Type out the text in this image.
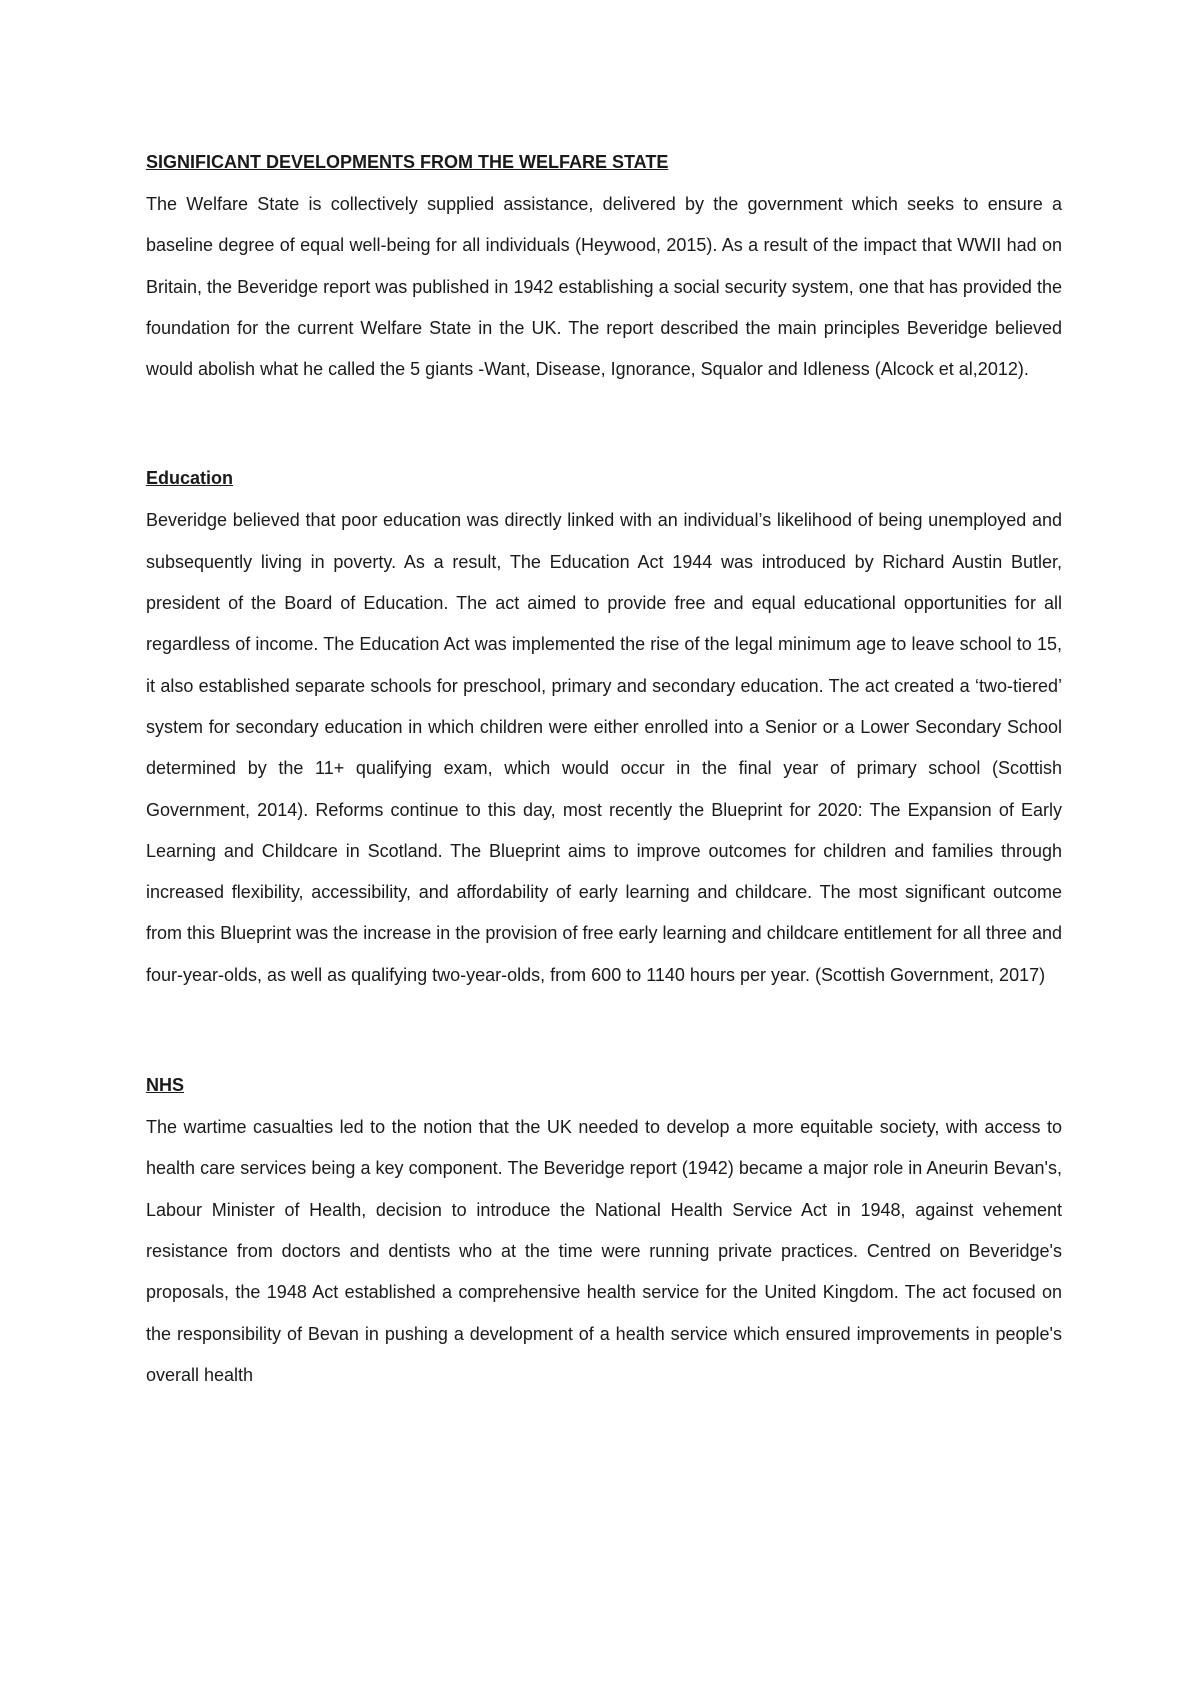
SIGNIFICANT DEVELOPMENTS FROM THE WELFARE STATE

The Welfare State is collectively supplied assistance, delivered by the government which seeks to ensure a baseline degree of equal well-being for all individuals (Heywood, 2015). As a result of the impact that WWII had on Britain, the Beveridge report was published in 1942 establishing a social security system, one that has provided the foundation for the current Welfare State in the UK. The report described the main principles Beveridge believed would abolish what he called the 5 giants -Want, Disease, Ignorance, Squalor and Idleness (Alcock et al,2012).

Education

Beveridge believed that poor education was directly linked with an individual’s likelihood of being unemployed and subsequently living in poverty. As a result, The Education Act 1944 was introduced by Richard Austin Butler, president of the Board of Education. The act aimed to provide free and equal educational opportunities for all regardless of income. The Education Act was implemented the rise of the legal minimum age to leave school to 15, it also established separate schools for preschool, primary and secondary education. The act created a ‘two-tiered’ system for secondary education in which children were either enrolled into a Senior or a Lower Secondary School determined by the 11+ qualifying exam, which would occur in the final year of primary school (Scottish Government, 2014). Reforms continue to this day, most recently the Blueprint for 2020: The Expansion of Early Learning and Childcare in Scotland. The Blueprint aims to improve outcomes for children and families through increased flexibility, accessibility, and affordability of early learning and childcare. The most significant outcome from this Blueprint was the increase in the provision of free early learning and childcare entitlement for all three and four-year-olds, as well as qualifying two-year-olds, from 600 to 1140 hours per year. (Scottish Government, 2017)

NHS

The wartime casualties led to the notion that the UK needed to develop a more equitable society, with access to health care services being a key component. The Beveridge report (1942) became a major role in Aneurin Bevan's, Labour Minister of Health, decision to introduce the National Health Service Act in 1948, against vehement resistance from doctors and dentists who at the time were running private practices. Centred on Beveridge's proposals, the 1948 Act established a comprehensive health service for the United Kingdom. The act focused on the responsibility of Bevan in pushing a development of a health service which ensured improvements in people's overall health
